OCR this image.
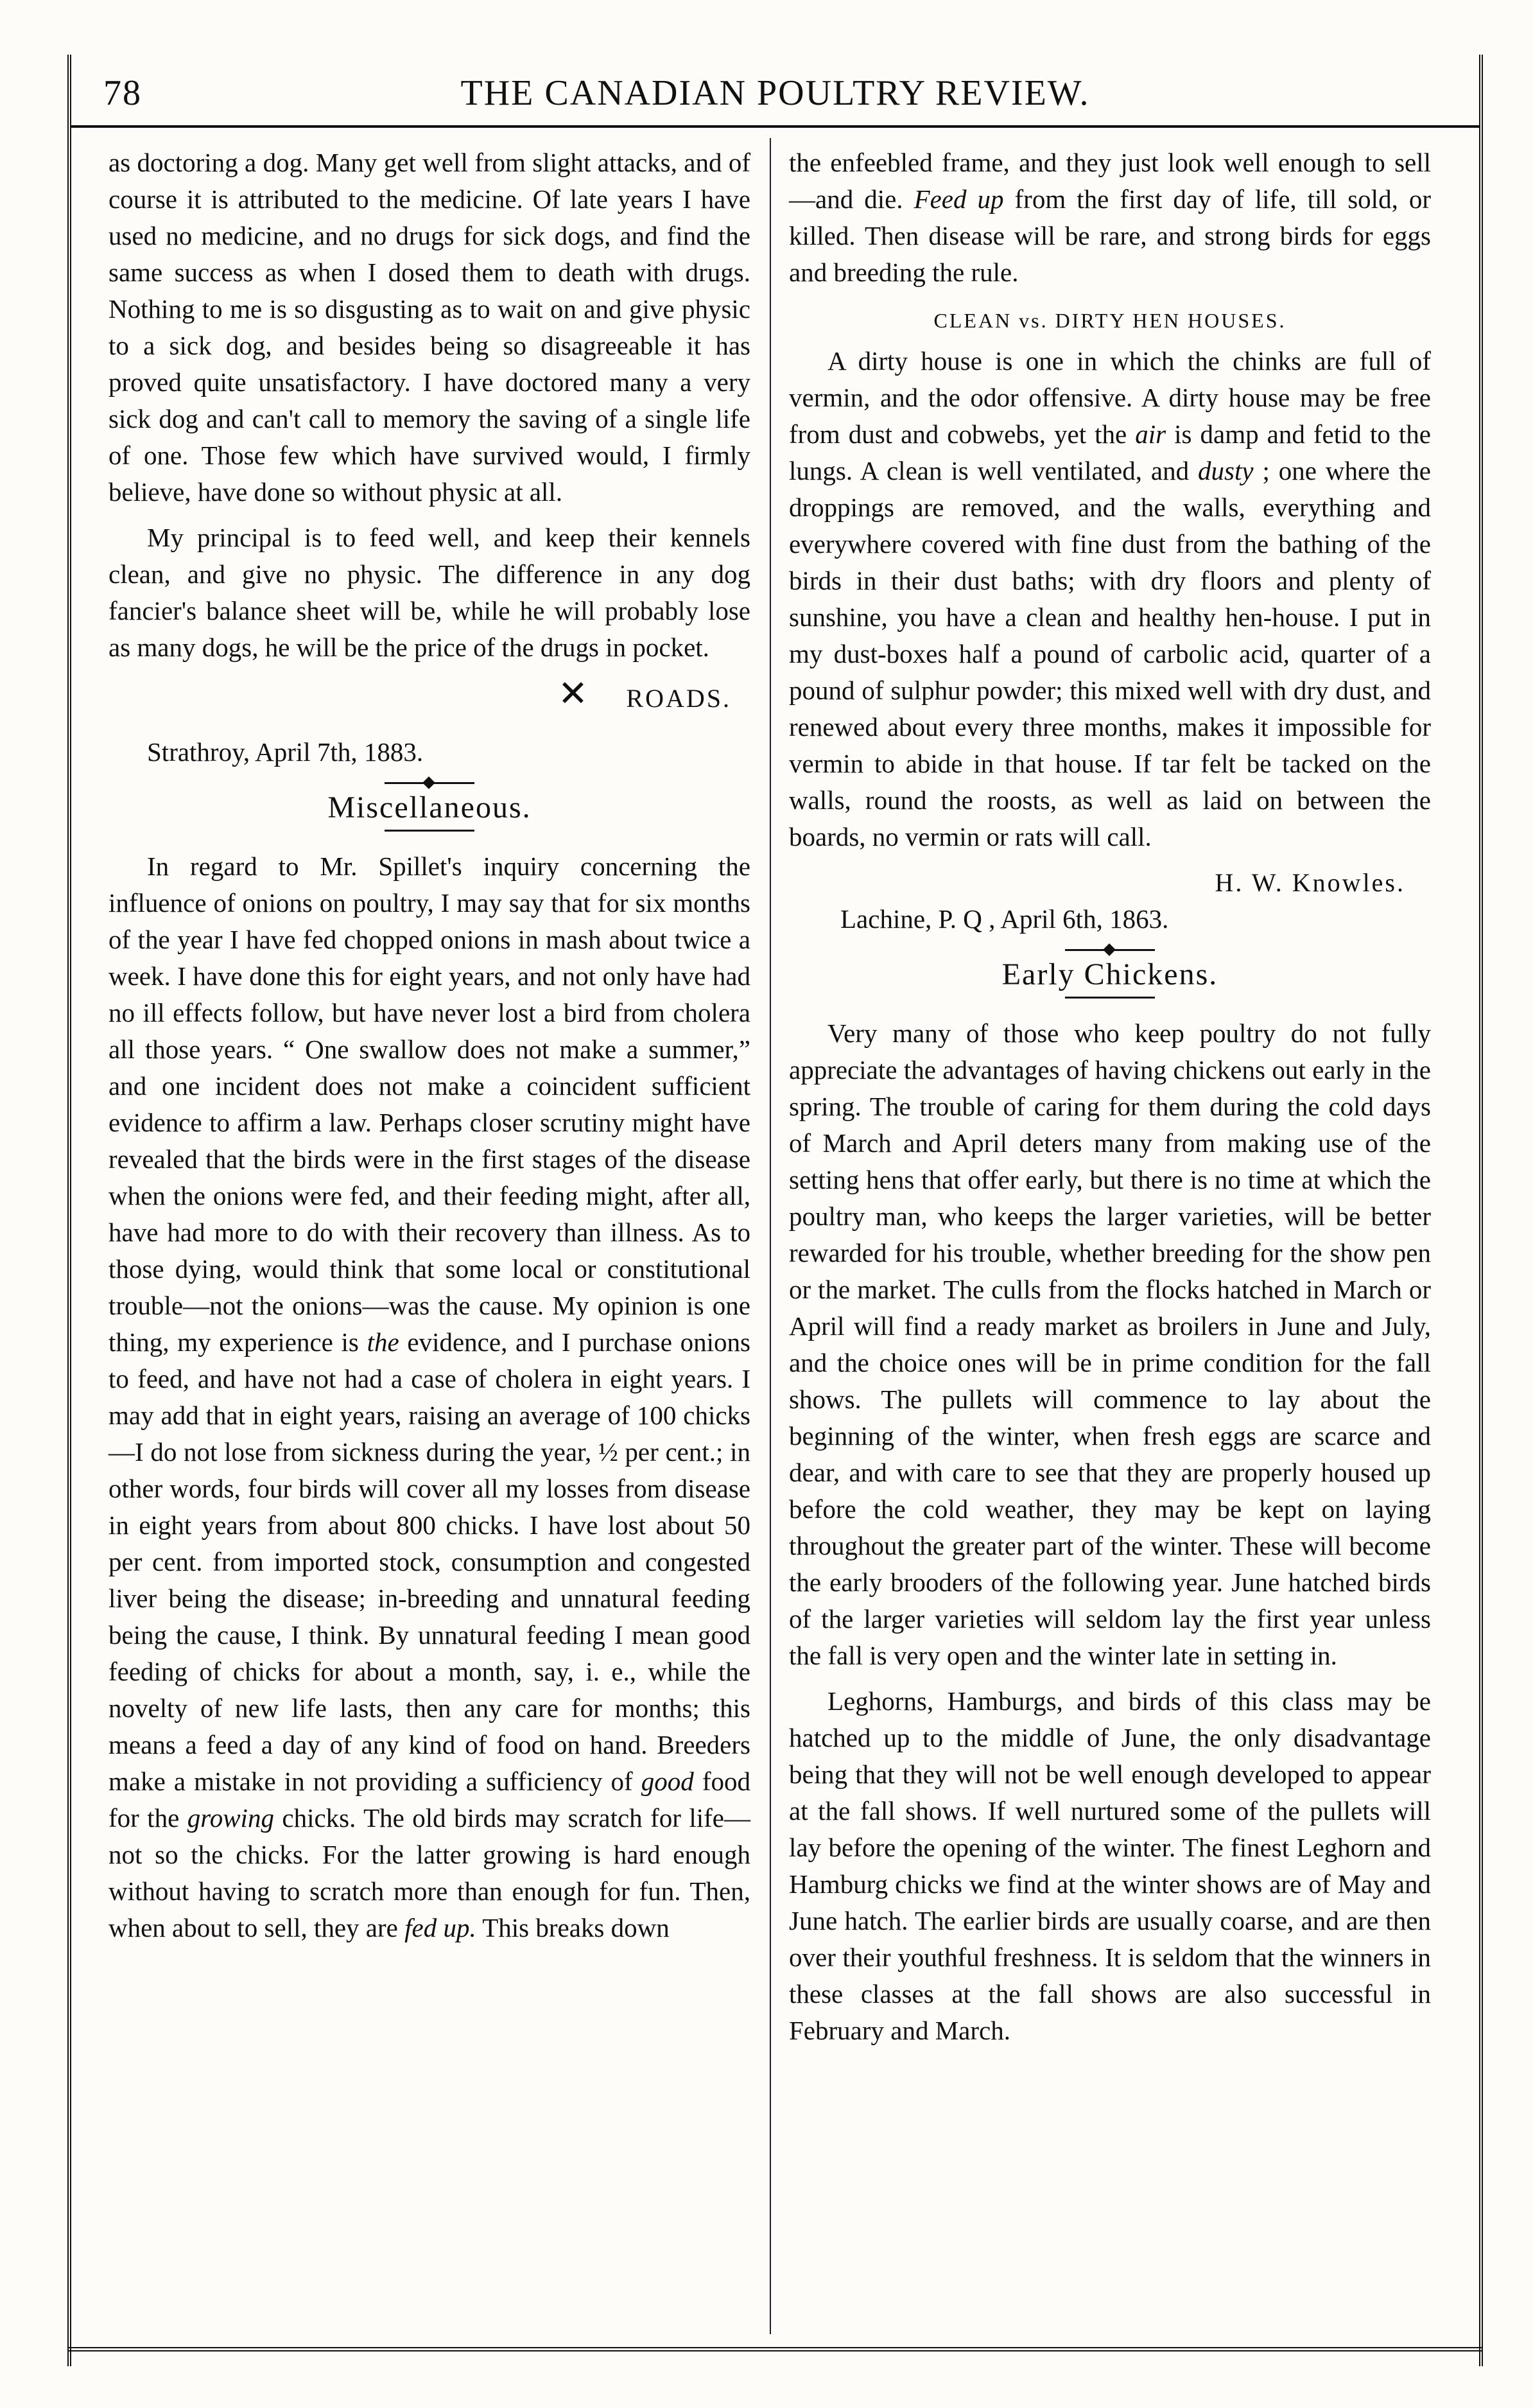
78	THE CANADIAN POULTRY REVIEW.

as doctoring a dog. Many get well from slight attacks, and of course it is attributed to the medicine. Of late years I have used no medicine, and no drugs for sick dogs, and find the same success as when I dosed them to death with drugs. Nothing to me is so disgusting as to wait on and give physic to a sick dog, and besides being so disagreeable it has proved quite unsatisfactory. I have doctored many a very sick dog and can't call to memory the saving of a single life of one. Those few which have survived would, I firmly believe, have done so without physic at all.

My principal is to feed well, and keep their kennels clean, and give no physic. The difference in any dog fancier's balance sheet will be, while he will probably lose as many dogs, he will be the price of the drugs in pocket.

✕ ROADS.

Strathroy, April 7th, 1883.

Miscellaneous.

In regard to Mr. Spillet's inquiry concerning the influence of onions on poultry, I may say that for six months of the year I have fed chopped onions in mash about twice a week. I have done this for eight years, and not only have had no ill effects follow, but have never lost a bird from cholera all those years. “ One swallow does not make a summer,” and one incident does not make a coincident sufficient evidence to affirm a law. Perhaps closer scrutiny might have revealed that the birds were in the first stages of the disease when the onions were fed, and their feeding might, after all, have had more to do with their recovery than illness. As to those dying, would think that some local or constitutional trouble—not the onions—was the cause. My opinion is one thing, my experience is the evidence, and I purchase onions to feed, and have not had a case of cholera in eight years. I may add that in eight years, raising an average of 100 chicks—I do not lose from sickness during the year, ½ per cent.; in other words, four birds will cover all my losses from disease in eight years from about 800 chicks. I have lost about 50 per cent. from imported stock, consumption and congested liver being the disease; in-breeding and unnatural feeding being the cause, I think. By unnatural feeding I mean good feeding of chicks for about a month, say, i. e., while the novelty of new life lasts, then any care for months; this means a feed a day of any kind of food on hand. Breeders make a mistake in not providing a sufficiency of good food for the growing chicks. The old birds may scratch for life—not so the chicks. For the latter growing is hard enough without having to scratch more than enough for fun. Then, when about to sell, they are fed up. This breaks down

the enfeebled frame, and they just look well enough to sell—and die. Feed up from the first day of life, till sold, or killed. Then disease will be rare, and strong birds for eggs and breeding the rule.

CLEAN vs. DIRTY HEN HOUSES.

A dirty house is one in which the chinks are full of vermin, and the odor offensive. A dirty house may be free from dust and cobwebs, yet the air is damp and fetid to the lungs. A clean is well ventilated, and dusty ; one where the droppings are removed, and the walls, everything and everywhere covered with fine dust from the bathing of the birds in their dust baths; with dry floors and plenty of sunshine, you have a clean and healthy hen-house. I put in my dust-boxes half a pound of carbolic acid, quarter of a pound of sulphur powder; this mixed well with dry dust, and renewed about every three months, makes it impossible for vermin to abide in that house. If tar felt be tacked on the walls, round the roosts, as well as laid on between the boards, no vermin or rats will call.

H. W. Knowles.

Lachine, P. Q , April 6th, 1863.

Early Chickens.

Very many of those who keep poultry do not fully appreciate the advantages of having chickens out early in the spring. The trouble of caring for them during the cold days of March and April deters many from making use of the setting hens that offer early, but there is no time at which the poultry man, who keeps the larger varieties, will be better rewarded for his trouble, whether breeding for the show pen or the market. The culls from the flocks hatched in March or April will find a ready market as broilers in June and July, and the choice ones will be in prime condition for the fall shows. The pullets will commence to lay about the beginning of the winter, when fresh eggs are scarce and dear, and with care to see that they are properly housed up before the cold weather, they may be kept on laying throughout the greater part of the winter. These will become the early brooders of the following year. June hatched birds of the larger varieties will seldom lay the first year unless the fall is very open and the winter late in setting in.

Leghorns, Hamburgs, and birds of this class may be hatched up to the middle of June, the only disadvantage being that they will not be well enough developed to appear at the fall shows. If well nurtured some of the pullets will lay before the opening of the winter. The finest Leghorn and Hamburg chicks we find at the winter shows are of May and June hatch. The earlier birds are usually coarse, and are then over their youthful freshness. It is seldom that the winners in these classes at the fall shows are also successful in February and March.
